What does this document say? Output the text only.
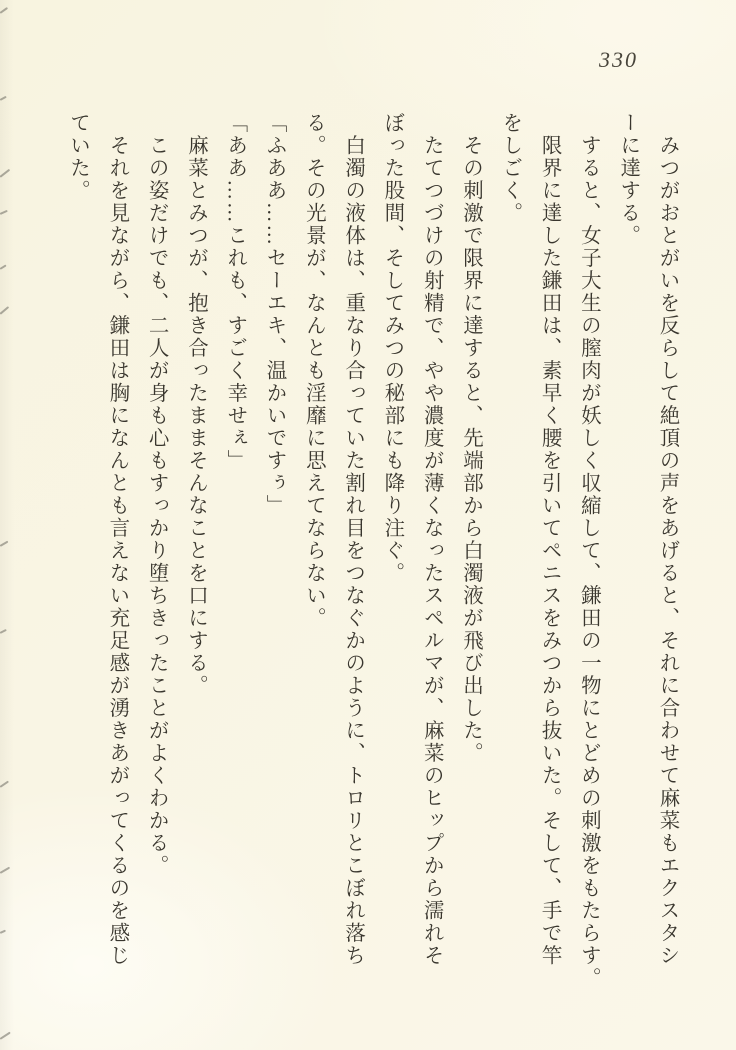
330
　みつがおとがいを反らして絶頂の声をあげると、それに合わせて麻菜もエクスタシ
ーに達する。
　すると、女子大生の膣肉が妖しく収縮して、鎌田の一物にとどめの刺激をもたらす。
　限界に達した鎌田は、素早く腰を引いてペニスをみつから抜いた。そして、手で竿
をしごく。
　その刺激で限界に達すると、先端部から白濁液が飛び出した。
　たてつづけの射精で、やや濃度が薄くなったスペルマが、麻菜のヒップから濡れそ
ぼった股間、そしてみつの秘部にも降り注ぐ。
　白濁の液体は、重なり合っていた割れ目をつなぐかのように、トロリとこぼれ落ち
る。その光景が、なんとも淫靡に思えてならない。
「ふああ……セーエキ、温かいですぅ」
「ああ……これも、すごく幸せぇ」
　麻菜とみつが、抱き合ったままそんなことを口にする。
　この姿だけでも、二人が身も心もすっかり堕ちきったことがよくわかる。
　それを見ながら、鎌田は胸になんとも言えない充足感が湧きあがってくるのを感じ
ていた。
